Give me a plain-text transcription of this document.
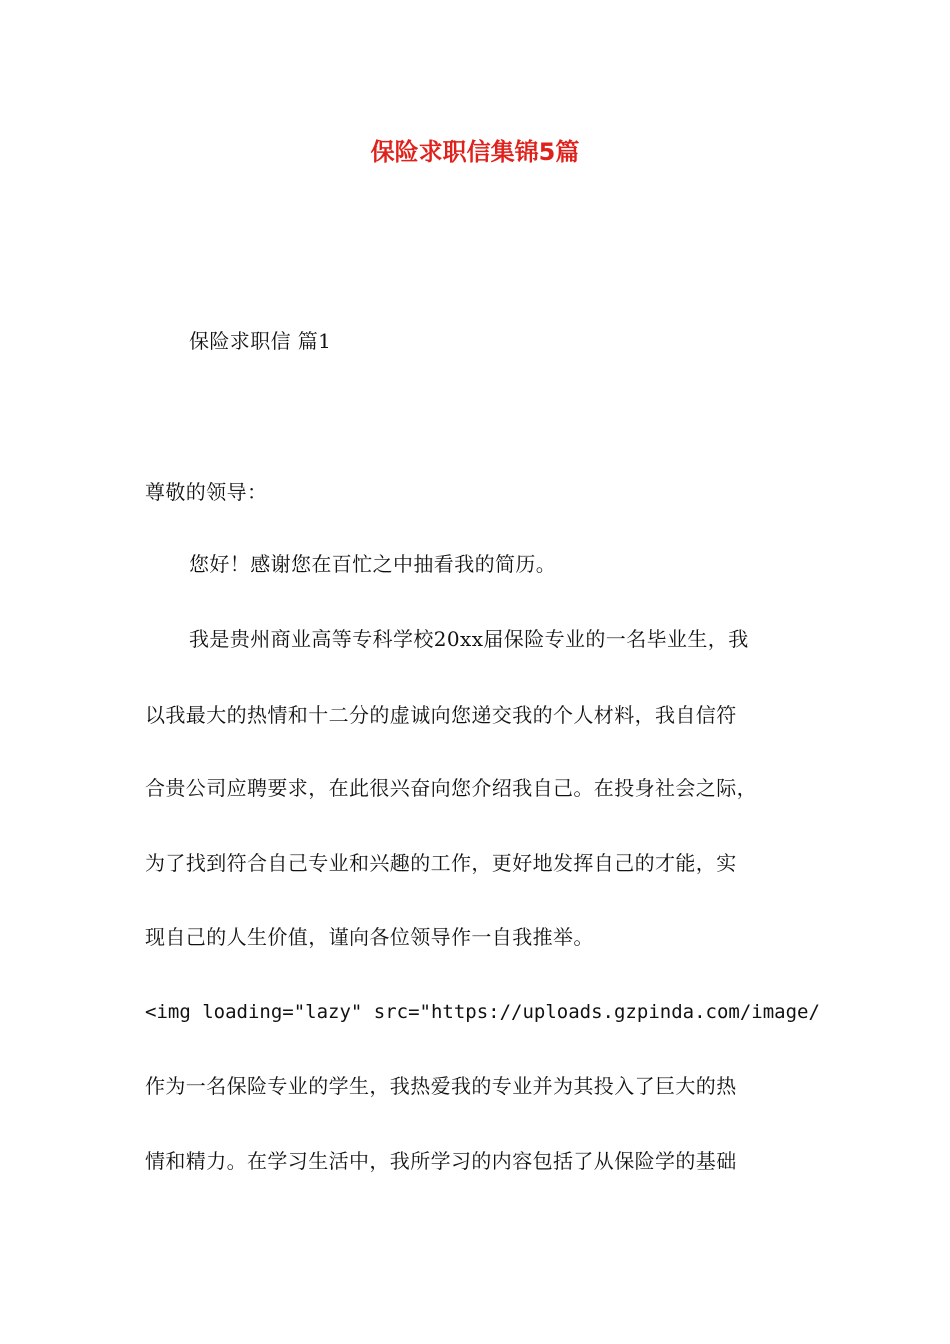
保险求职信集锦5篇
保险求职信 篇1
尊敬的领导：
您好！感谢您在百忙之中抽看我的简历。
我是贵州商业高等专科学校20xx届保险专业的一名毕业生，我
以我最大的热情和十二分的虚诚向您递交我的个人材料，我自信符
合贵公司应聘要求，在此很兴奋向您介绍我自己。在投身社会之际，
为了找到符合自己专业和兴趣的工作，更好地发挥自己的才能，实
现自己的人生价值，谨向各位领导作一自我推举。
<img loading="lazy" src="https://uploads.gzpinda.com/image/
作为一名保险专业的学生，我热爱我的专业并为其投入了巨大的热
情和精力。在学习生活中，我所学习的内容包括了从保险学的基础
